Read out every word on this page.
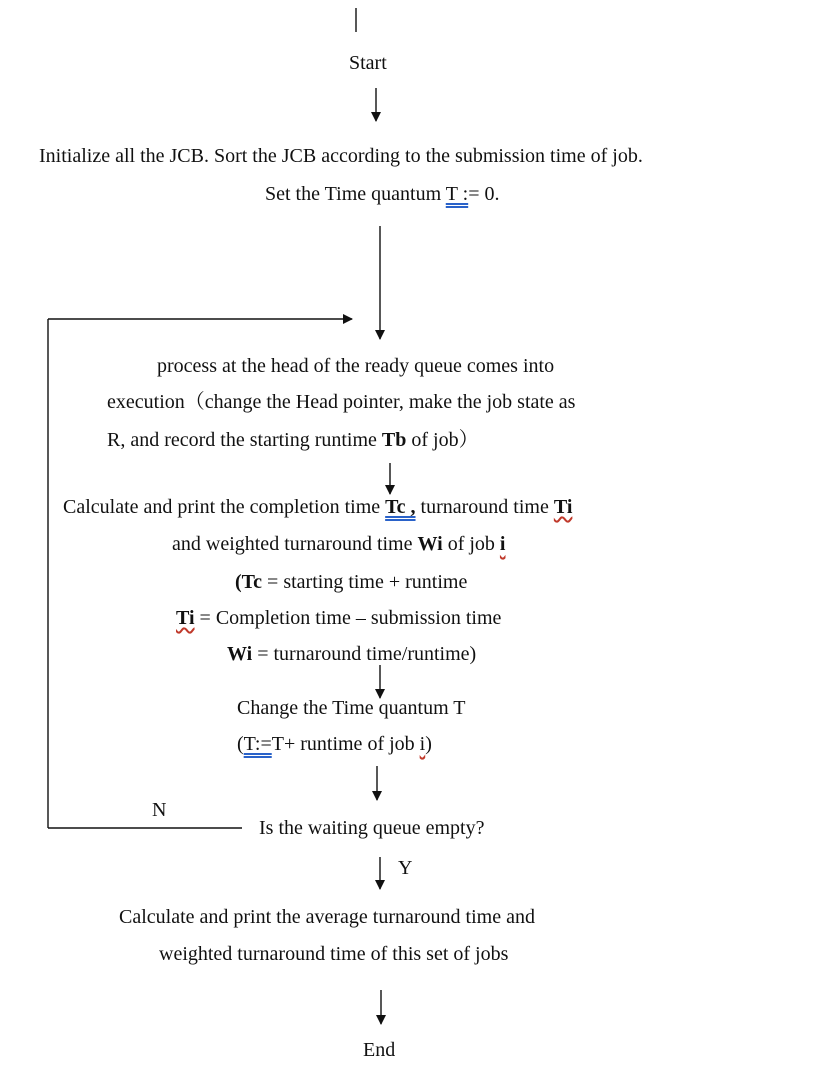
Start
Initialize all the JCB. Sort the JCB according to the submission time of job.
Set the Time quantum T := 0.
process at the head of the ready queue comes into
execution（change the Head pointer, make the job state as
R, and record the starting runtime Tb of job）
Calculate and print the completion time Tc , turnaround time Ti
and weighted turnaround time Wi of job i
(Tc = starting time + runtime
Ti = Completion time – submission time
Wi = turnaround time/runtime)
Change the Time quantum T
(T:=T+ runtime of job i)
N
Is the waiting queue empty?
Y
Calculate and print the average turnaround time and
weighted turnaround time of this set of jobs
End
